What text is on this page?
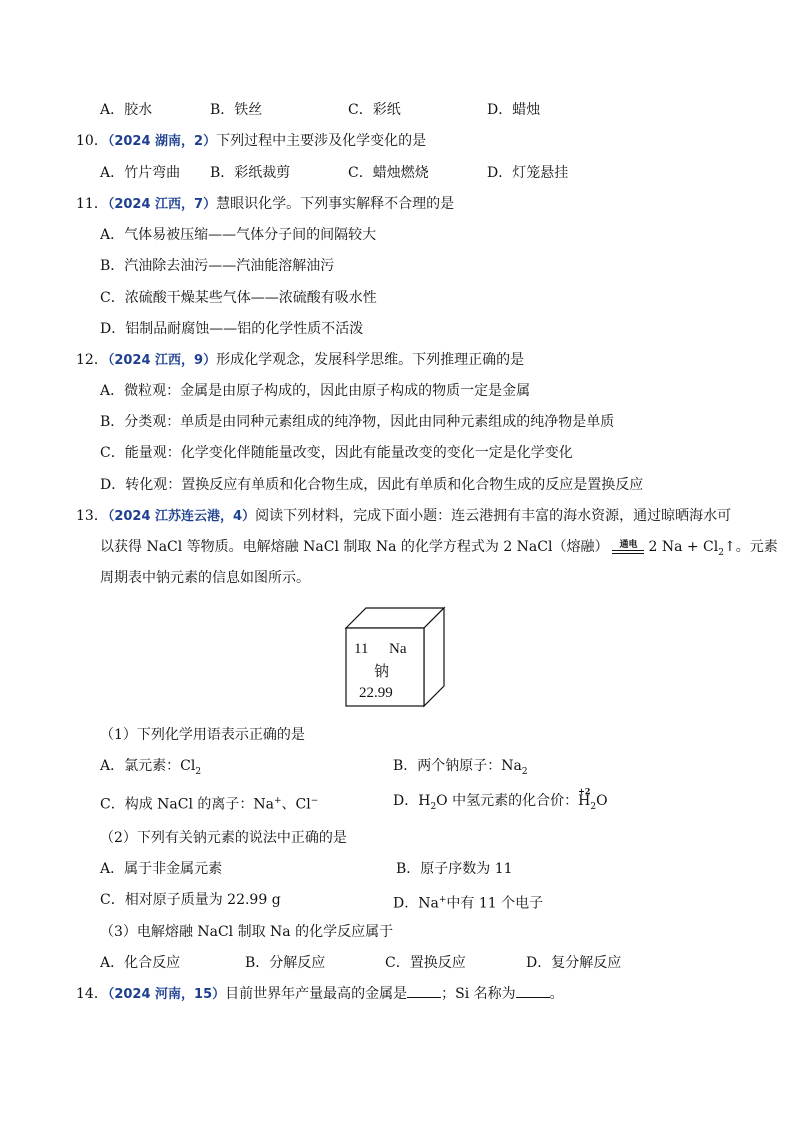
A．胶水	B．铁丝	C．彩纸	D．蜡烛
10．（2024 湖南，2）下列过程中主要涉及化学变化的是
A．竹片弯曲 B．彩纸裁剪	C．蜡烛燃烧	D．灯笼悬挂
11．（2024 江西，7）慧眼识化学。下列事实解释不合理的是
A．气体易被压缩——气体分子间的间隔较大
B．汽油除去油污——汽油能溶解油污
C．浓硫酸干燥某些气体——浓硫酸有吸水性
D．铝制品耐腐蚀——铝的化学性质不活泼
12．（2024 江西，9）形成化学观念，发展科学思维。下列推理正确的是
A．微粒观：金属是由原子构成的，因此由原子构成的物质一定是金属
B．分类观：单质是由同种元素组成的纯净物，因此由同种元素组成的纯净物是单质
C．能量观：化学变化伴随能量改变，因此有能量改变的变化一定是化学变化
D．转化观：置换反应有单质和化合物生成，因此有单质和化合物生成的反应是置换反应
13．（2024 江苏连云港，4）阅读下列材料，完成下面小题：连云港拥有丰富的海水资源，通过晾晒海水可
以获得 NaCl 等物质。电解熔融 NaCl 制取 Na 的化学方程式为 2 NaCl（熔融）	通电 2 $Na + Cl_2↑$。元素
周期表中钠元素的信息如图所示。
11 Na
钠
22.99
（1）下列化学用语表示正确的是
A．氯元素：$Cl_2$	B．两个钠原子：$Na_2$
C．构成 NaCl 的离子：Na+、Cl−	D．$H_2O$ 中氢元素的化合价：
+2
$H_2O$
（2）下列有关钠元素的说法中正确的是
A．属于非金属元素	B．原子序数为 11
C．相对原子质量为 22.99 g	D．Na+中有 11 个电子
（3）电解熔融 NaCl 制取 Na 的化学反应属于
A．化合反应	B．分解反应	C．置换反应	D．复分解反应
14．（2024 河南，15）目前世界年产量最高的金属是 ；Si 名称为 。
